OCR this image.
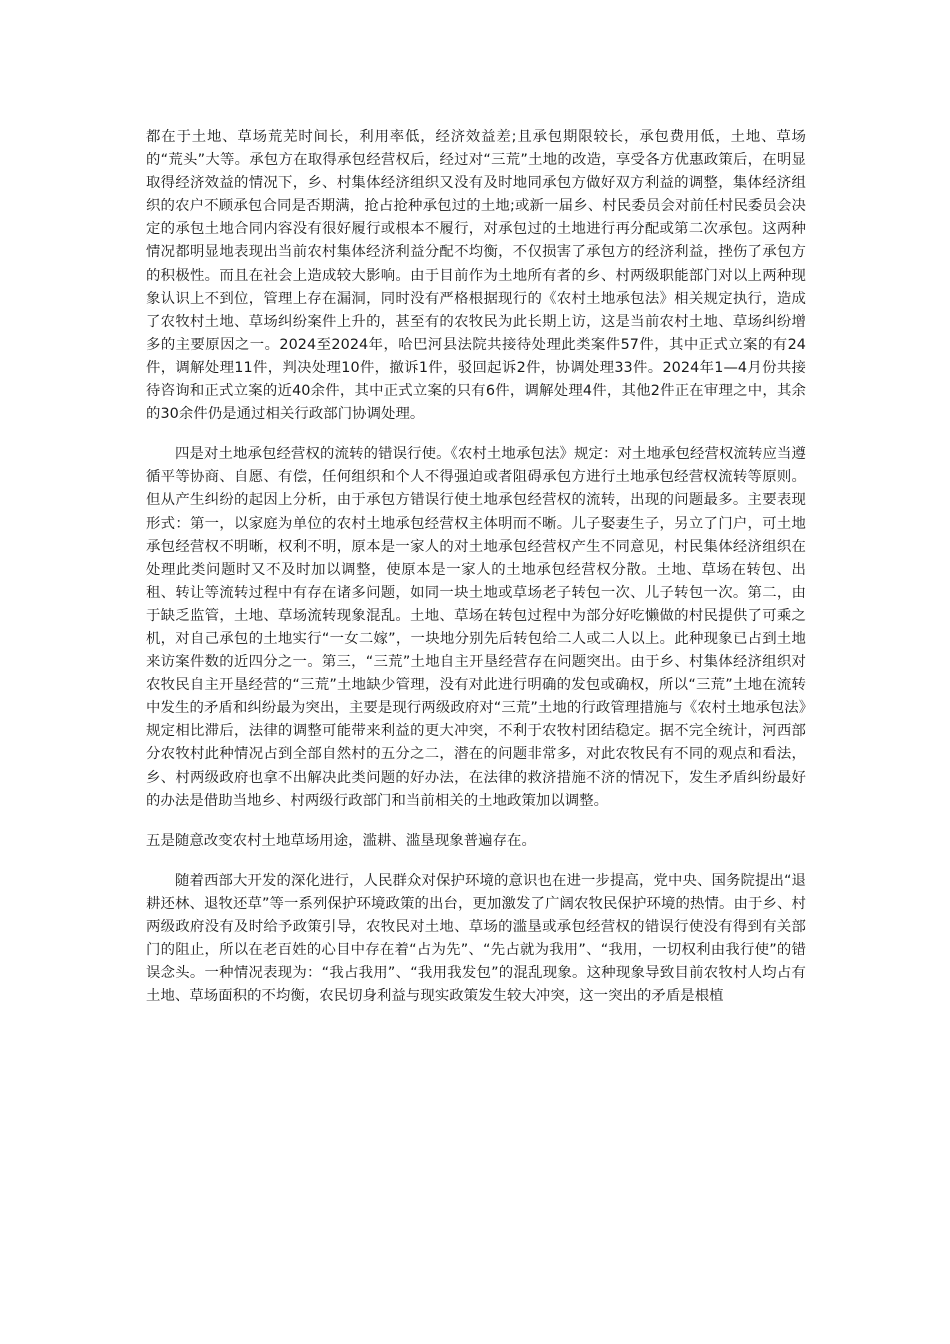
都在于土地、草场荒芜时间长，利用率低，经济效益差;且承包期限较长，承包费用低，土地、草场的“荒头”大等。承包方在取得承包经营权后，经过对“三荒”土地的改造，享受各方优惠政策后，在明显取得经济效益的情况下，乡、村集体经济组织又没有及时地同承包方做好双方利益的调整，集体经济组织的农户不顾承包合同是否期满，抢占抢种承包过的土地;或新一届乡、村民委员会对前任村民委员会决定的承包土地合同内容没有很好履行或根本不履行，对承包过的土地进行再分配或第二次承包。这两种情况都明显地表现出当前农村集体经济利益分配不均衡，不仅损害了承包方的经济利益，挫伤了承包方的积极性。而且在社会上造成较大影响。由于目前作为土地所有者的乡、村两级职能部门对以上两种现象认识上不到位，管理上存在漏洞，同时没有严格根据现行的《农村土地承包法》相关规定执行，造成了农牧村土地、草场纠纷案件上升的，甚至有的农牧民为此长期上访，这是当前农村土地、草场纠纷增多的主要原因之一。2024至2024年，哈巴河县法院共接待处理此类案件57件，其中正式立案的有24件，调解处理11件，判决处理10件，撤诉1件，驳回起诉2件，协调处理33件。2024年1—4月份共接待咨询和正式立案的近40余件，其中正式立案的只有6件，调解处理4件，其他2件正在审理之中，其余的30余件仍是通过相关行政部门协调处理。

四是对土地承包经营权的流转的错误行使。《农村土地承包法》规定：对土地承包经营权流转应当遵循平等协商、自愿、有偿，任何组织和个人不得强迫或者阻碍承包方进行土地承包经营权流转等原则。但从产生纠纷的起因上分析，由于承包方错误行使土地承包经营权的流转，出现的问题最多。主要表现形式：第一，以家庭为单位的农村土地承包经营权主体明而不晰。儿子娶妻生子，另立了门户，可土地承包经营权不明晰，权利不明，原本是一家人的对土地承包经营权产生不同意见，村民集体经济组织在处理此类问题时又不及时加以调整，使原本是一家人的土地承包经营权分散。土地、草场在转包、出租、转让等流转过程中有存在诸多问题，如同一块土地或草场老子转包一次、儿子转包一次。第二，由于缺乏监管，土地、草场流转现象混乱。土地、草场在转包过程中为部分好吃懒做的村民提供了可乘之机，对自己承包的土地实行“一女二嫁”，一块地分别先后转包给二人或二人以上。此种现象已占到土地来访案件数的近四分之一。第三，“三荒”土地自主开垦经营存在问题突出。由于乡、村集体经济组织对农牧民自主开垦经营的“三荒”土地缺少管理，没有对此进行明确的发包或确权，所以“三荒”土地在流转中发生的矛盾和纠纷最为突出，主要是现行两级政府对“三荒”土地的行政管理措施与《农村土地承包法》规定相比滞后，法律的调整可能带来利益的更大冲突，不利于农牧村团结稳定。据不完全统计，河西部分农牧村此种情况占到全部自然村的五分之二，潜在的问题非常多，对此农牧民有不同的观点和看法，乡、村两级政府也拿不出解决此类问题的好办法，在法律的救济措施不济的情况下，发生矛盾纠纷最好的办法是借助当地乡、村两级行政部门和当前相关的土地政策加以调整。

五是随意改变农村土地草场用途，滥耕、滥垦现象普遍存在。

随着西部大开发的深化进行，人民群众对保护环境的意识也在进一步提高，党中央、国务院提出“退耕还林、退牧还草”等一系列保护环境政策的出台，更加激发了广阔农牧民保护环境的热情。由于乡、村两级政府没有及时给予政策引导，农牧民对土地、草场的滥垦或承包经营权的错误行使没有得到有关部门的阻止，所以在老百姓的心目中存在着“占为先”、“先占就为我用”、“我用，一切权利由我行使”的错误念头。一种情况表现为：“我占我用”、“我用我发包”的混乱现象。这种现象导致目前农牧村人均占有土地、草场面积的不均衡，农民切身利益与现实政策发生较大冲突，这一突出的矛盾是根植
